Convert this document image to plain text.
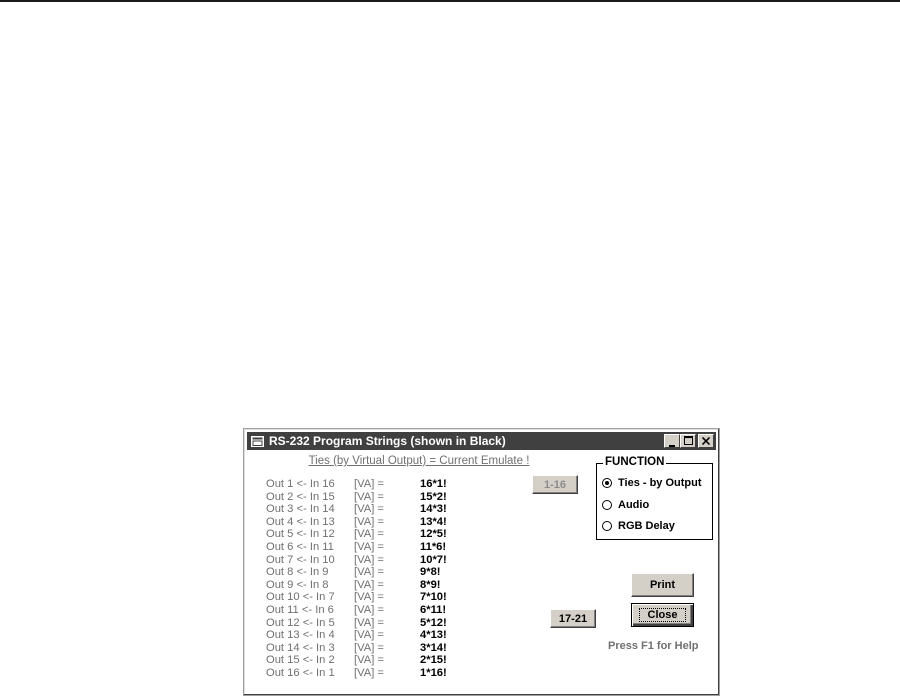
RS-232 Program Strings (shown in Black)
Ties (by Virtual Output) = Current Emulate !
Out 1 <- In 16 [VA] =	16*1!
Out 2 <- In 15 [VA] =	15*2!
Out 3 <- In 14 [VA] =	14*3!
Out 4 <- In 13 [VA] =	13*4!
Out 5 <- In 12 [VA] =	12*5!
Out 6 <- In 11 [VA] =	11*6!
Out 7 <- In 10 [VA] =	10*7!
Out 8 <- In 9 [VA] =	9*8!
Out 9 <- In 8 [VA] =	8*9!
Out 10 <- In 7 [VA] =	7*10!
Out 11 <- In 6 [VA] =	6*11!
Out 12 <- In 5 [VA] =	5*12!
Out 13 <- In 4 [VA] =	4*13!
Out 14 <- In 3 [VA] =	3*14!
Out 15 <- In 2 [VA] =	2*15!
Out 16 <- In 1 [VA] =	1*16!
1-16
17-21
FUNCTION
Ties - by Output
Audio
RGB Delay
Print
Close
Press F1 for Help
